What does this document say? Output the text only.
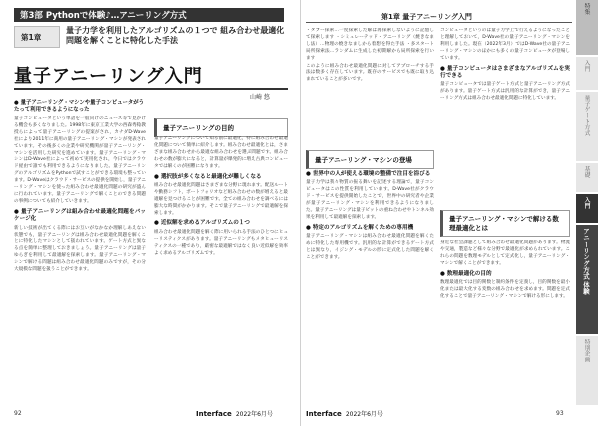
第3部 Pythonで体験♪…アニーリング方式
第1章
量子力学を利用したアルゴリズムの１つで 組み合わせ最適化問題を解くことに特化した手法
量子アニーリング入門
山崎 悠
● 量子アニーリング・マシンや量子コンピュータがうたって利用できるようになった

量子コンピュータという単語を一般向けのニュース等で見かける機会も多くなりました。1998年に東京工業大学の西森秀稔教授らによって量子アニーリングの提案がされ，カナダD-Wave社により2011年に商用の量子アニーリング・マシンが発表されています。その後多くの企業や研究機関が量子アニーリング・マシンを活用した研究を進めています。量子アニーリング・マシンはD-Wave社によって初めて実用化され，今日ではクラウド経由で誰でも利用できるようになりました。量子アニーリングのアルゴリズムをPythonで試すことができる環境も整っています。D-Waveはクラウド・サービスの提供を開始し，量子アニーリング・マシンを使った組み合わせ最適化問題の研究が盛んに行われています。量子アニーリングで解くことのできる問題の事例についても紹介していきます。

● 量子アニーリングは組み合わせ最適化問題をパッケージ化

新しい技術が出てくる際にはお互いがなかなか理解しあえない状態でも，量子アニーリングは組み合わせ最適化問題を解くことに特化したマシンとして扱われています。ゲート方式と異なる点を簡単に整理しておきましょう。量子アニーリングは量子ゆらぎを利用して最適解を探索します。量子アニーリング・マシンで解ける問題は組み合わせ最適化問題のみですが，その分大規模な問題を扱うことができます。

量子アニーリングの目的

量子アニーリングについて知る前に最適化，特に組み合わせ最適化問題について簡単に紹介します。組み合わせ最適化とは，さまざまな組み合わせから最適な組み合わせを選ぶ問題です。組み合わせの数が膨大になると，計算量が爆発的に増え古典コンピュータでは解くのが困難になります。

● 選択肢が多くなると最適化が難しくなる

組み合わせ最適化問題はさまざまな分野に現れます。配送ルートや勤務シフト，ポートフォリオなど組み合わせの数が増えると最適解を見つけることが困難です。全ての組み合わせを調べるには膨大な時間がかかります。そこで量子アニーリングで最適解を探索します。

● 近似解を求めるアルゴリズムの１つ

組み合わせ最適化問題を解く際に用いられる手法のひとつにヒューリスティクスがあります。量子アニーリングもメタヒューリスティクスの一種であり，厳密な最適解ではなく良い近似解を効率よく求めるアルゴリズムです。

92	Interface 2022年6月号
第1章 量子アニーリング入門

・タブー探索…一度探索した解は再探索しないように記憶して探索します ・シミュレーテッド・アニーリング（焼きなまし法）…物理の焼きなましから着想を得た手法 ・多スタート局所探索法…ランダムに生成した初期解から局所探索を行います

このように組み合わせ最適化問題に対してアプローチする手法は数多く存在しています。既存のサービスでも既に取り込まれていることが多いです。

量子アニーリング・マシンの登場
● 世界中の人が使える環境の整備で注目を浴びる

量子力学は我々物質の振る舞いを記述する理論で，量子コンピュータはこの性質を利用しています。D-Wave社がクラウド・サービスを提供開始したことで，世界中の研究者や企業が量子アニーリング・マシンを利用できるようになりました。量子アニーリングは量子ビットの重ね合わせやトンネル効果を利用して最適解を探索します。

● 特定のアルゴリズムを解くための専用機

量子アニーリング・マシンは組み合わせ最適化問題を解くために特化した専用機です。汎用的な計算ができるゲート方式とは異なり，イジング・モデルの形に定式化した問題を解くことができます。

コンピュータというのは量子力学上で行えるようになったことと理解しておいて，D-Wave社の量子アニーリング・マシンを利用しました。現在（2022年3月）ではD-Wave社の量子アニーリング・マシンのほかにも多くの量子コンピュータが登場しています。

● 量子コンピュータはさまざまなアルゴリズムを実行できる

量子コンピュータでは量子ゲート方式と量子アニーリング方式があります。量子ゲート方式は汎用的な計算ができ，量子アニーリング方式は組み合わせ最適化問題に特化しています。

量子アニーリング・マシンで解ける数理最適化とは

身近な社会課題として組み合わせ最適化問題があります。物流や交通，製造など様々な分野で最適化が求められています。これらの問題を数理モデルとして定式化し，量子アニーリング・マシンで解くことができます。

● 数理最適化の目的

数理最適化では目的関数と制約条件を定義し，目的関数を最小化または最大化する変数の組み合わせを求めます。問題を定式化することで量子アニーリング・マシンで解ける形にします。

Interface 2022年6月号	93
特集
入門
量子ゲート方式
基礎
入門
アニーリング方式 体験
特別企画
